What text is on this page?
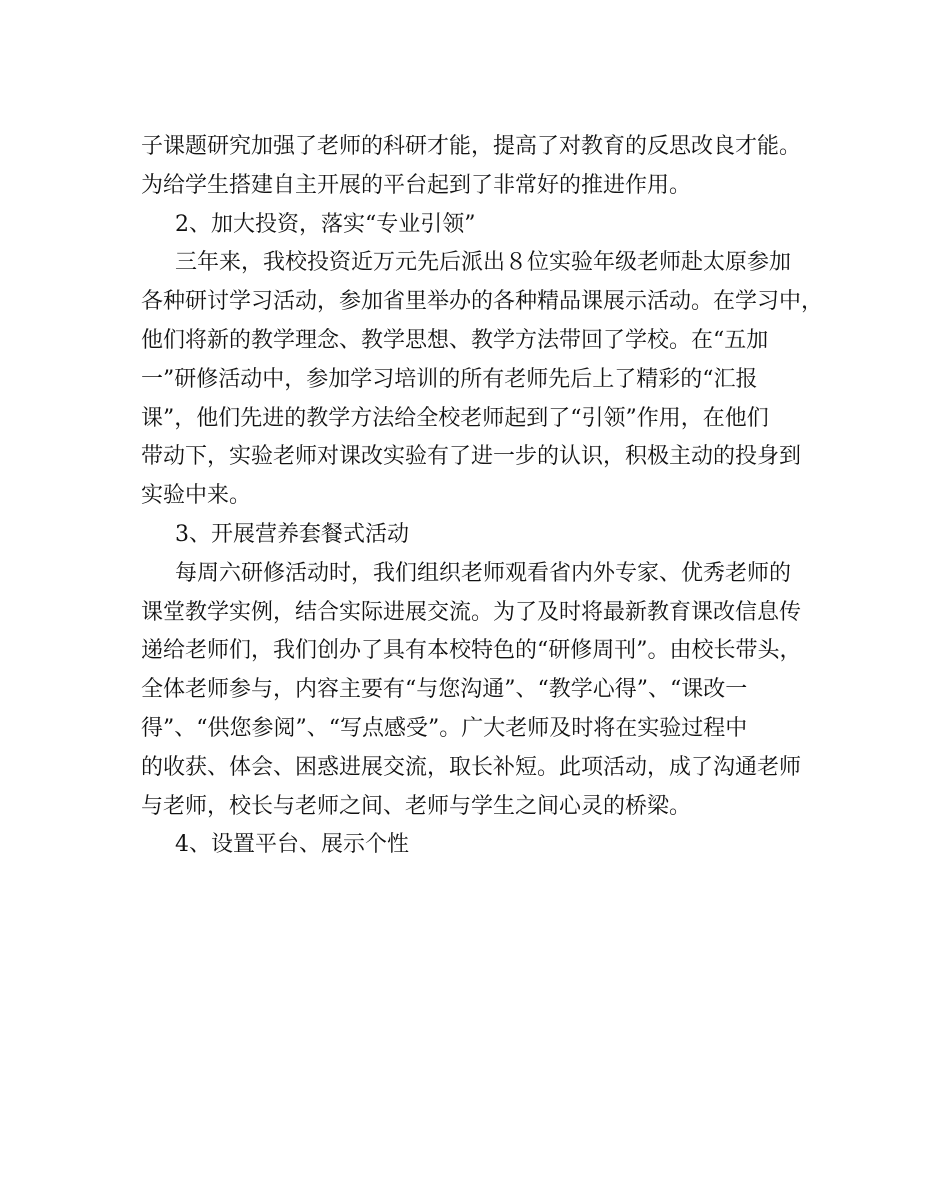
子课题研究加强了老师的科研才能，提高了对教育的反思改良才能。
为给学生搭建自主开展的平台起到了非常好的推进作用。
2、加大投资，落实“专业引领”
三年来，我校投资近万元先后派出８位实验年级老师赴太原参加
各种研讨学习活动，参加省里举办的各种精品课展示活动。在学习中，
他们将新的教学理念、教学思想、教学方法带回了学校。在“五加
一”研修活动中，参加学习培训的所有老师先后上了精彩的“汇报
课”，他们先进的教学方法给全校老师起到了“引领”作用，在他们
带动下，实验老师对课改实验有了进一步的认识，积极主动的投身到
实验中来。
3、开展营养套餐式活动
每周六研修活动时，我们组织老师观看省内外专家、优秀老师的
课堂教学实例，结合实际进展交流。为了及时将最新教育课改信息传
递给老师们，我们创办了具有本校特色的“研修周刊”。由校长带头，
全体老师参与，内容主要有“与您沟通”、“教学心得”、“课改一
得”、“供您参阅”、“写点感受”。广大老师及时将在实验过程中
的收获、体会、困惑进展交流，取长补短。此项活动，成了沟通老师
与老师，校长与老师之间、老师与学生之间心灵的桥梁。
4、设置平台、展示个性
